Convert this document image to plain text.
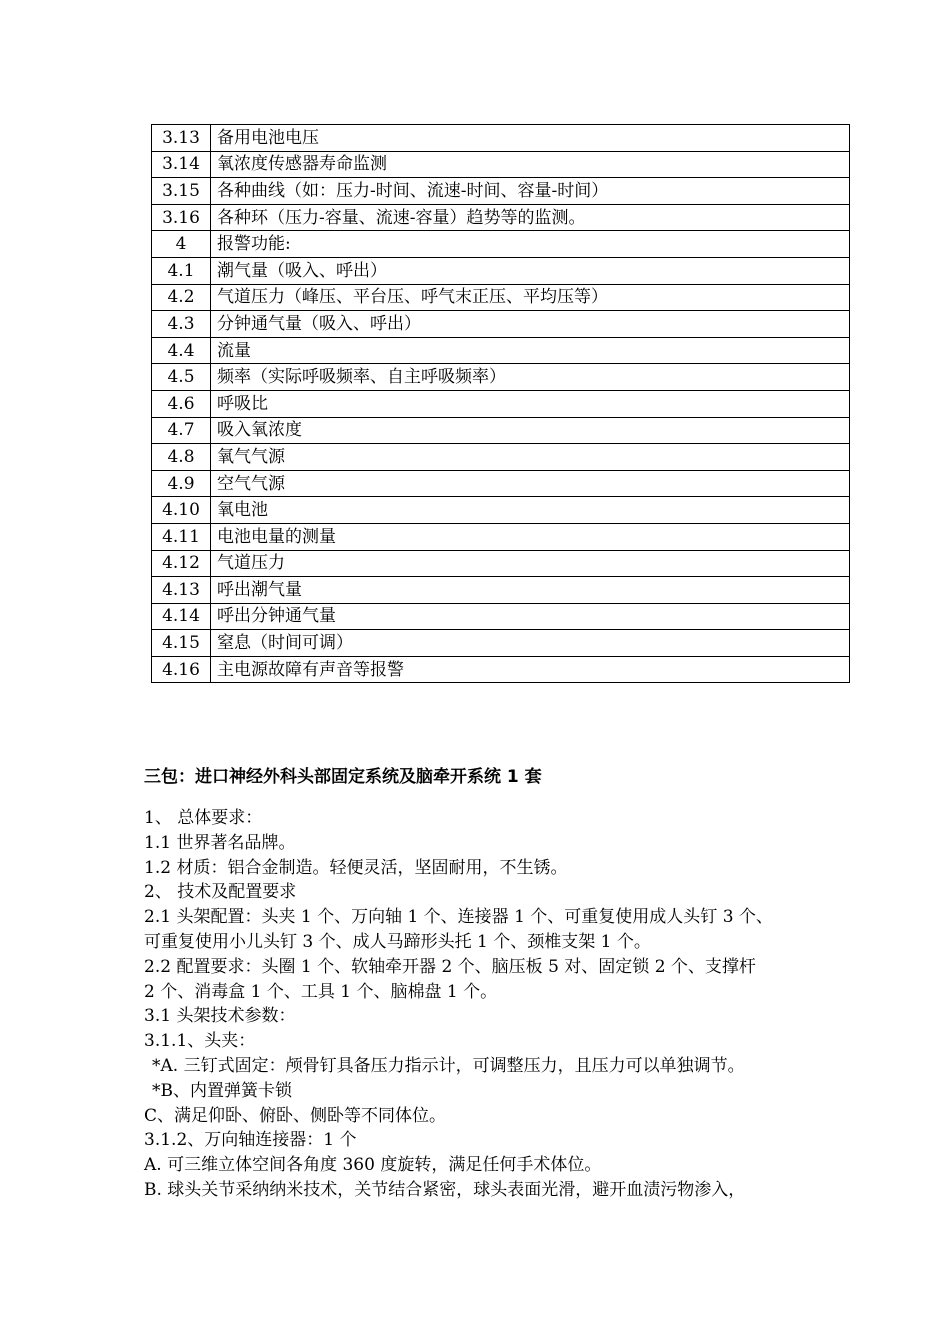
3.13	备用电池电压
3.14	氧浓度传感器寿命监测
3.15	各种曲线（如：压力-时间、流速-时间、容量-时间）
3.16	各种环（压力-容量、流速-容量）趋势等的监测。
4	报警功能:
4.1	潮气量（吸入、呼出）
4.2	气道压力（峰压、平台压、呼气末正压、平均压等）
4.3	分钟通气量（吸入、呼出）
4.4	流量
4.5	频率（实际呼吸频率、自主呼吸频率）
4.6	呼吸比
4.7	吸入氧浓度
4.8	氧气气源
4.9	空气气源
4.10	氧电池
4.11	电池电量的测量
4.12	气道压力
4.13	呼出潮气量
4.14	呼出分钟通气量
4.15	窒息（时间可调）
4.16	主电源故障有声音等报警
三包：进口神经外科头部固定系统及脑牵开系统 1 套
1、 总体要求：
1.1 世界著名品牌。
1.2 材质：铝合金制造。轻便灵活，坚固耐用，不生锈。
2、 技术及配置要求
2.1 头架配置：头夹 1 个、万向轴 1 个、连接器 1 个、可重复使用成人头钉 3 个、
可重复使用小儿头钉 3 个、成人马蹄形头托 1 个、颈椎支架 1 个。
2.2 配置要求：头圈 1 个、软轴牵开器 2 个、脑压板 5 对、固定锁 2 个、支撑杆
2 个、消毒盒 1 个、工具 1 个、脑棉盘 1 个。
3.1 头架技术参数：
3.1.1、头夹：
*A. 三钉式固定：颅骨钉具备压力指示计，可调整压力，且压力可以单独调节。
*B、内置弹簧卡锁
C、满足仰卧、俯卧、侧卧等不同体位。
3.1.2、万向轴连接器：1 个
A. 可三维立体空间各角度 360 度旋转，满足任何手术体位。
B. 球头关节采纳纳米技术，关节结合紧密，球头表面光滑，避开血渍污物渗入，
